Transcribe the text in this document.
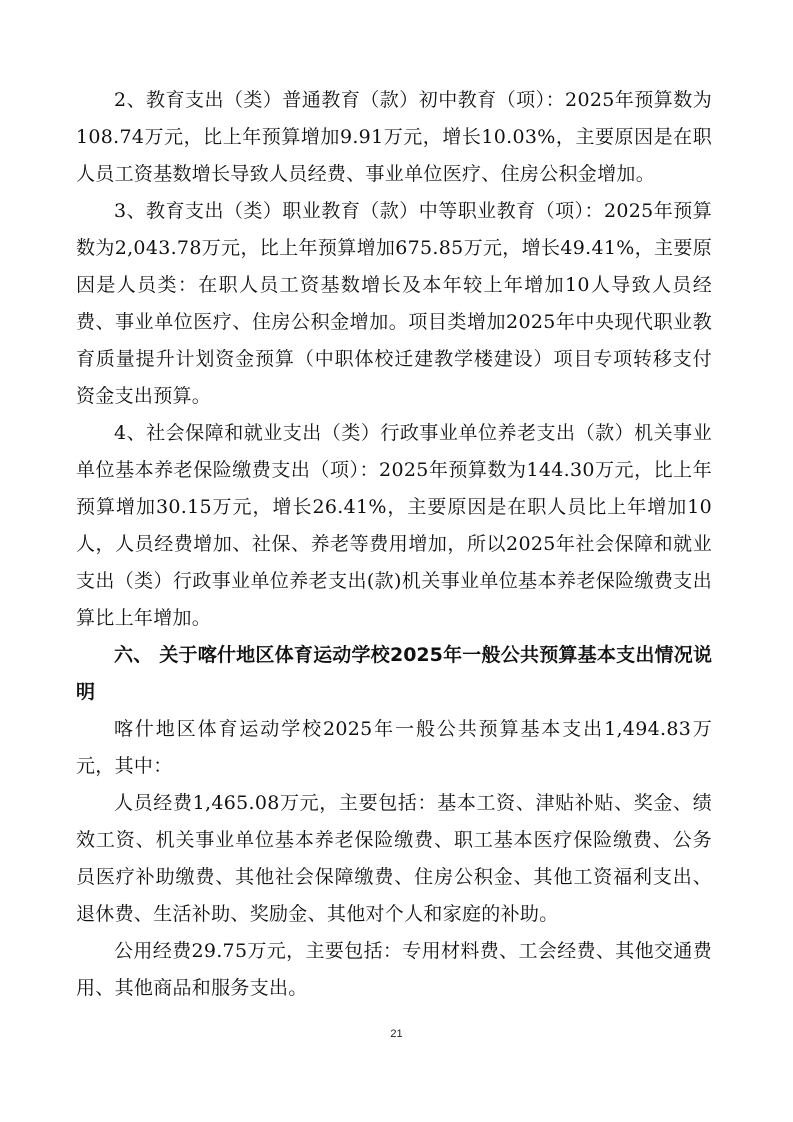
2、教育支出（类）普通教育（款）初中教育（项）：2025年预算数为108.74万元，比上年预算增加9.91万元，增长10.03%，主要原因是在职人员工资基数增长导致人员经费、事业单位医疗、住房公积金增加。

3、教育支出（类）职业教育（款）中等职业教育（项）：2025年预算数为2,043.78万元，比上年预算增加675.85万元，增长49.41%，主要原因是人员类：在职人员工资基数增长及本年较上年增加10人导致人员经费、事业单位医疗、住房公积金增加。项目类增加2025年中央现代职业教育质量提升计划资金预算（中职体校迁建教学楼建设）项目专项转移支付资金支出预算。

4、社会保障和就业支出（类）行政事业单位养老支出（款）机关事业单位基本养老保险缴费支出（项）：2025年预算数为144.30万元，比上年预算增加30.15万元，增长26.41%，主要原因是在职人员比上年增加10人，人员经费增加、社保、养老等费用增加，所以2025年社会保障和就业支出（类）行政事业单位养老支出(款)机关事业单位基本养老保险缴费支出算比上年增加。

六、 关于喀什地区体育运动学校2025年一般公共预算基本支出情况说明

喀什地区体育运动学校2025年一般公共预算基本支出1,494.83万元，其中：

人员经费1,465.08万元，主要包括：基本工资、津贴补贴、奖金、绩效工资、机关事业单位基本养老保险缴费、职工基本医疗保险缴费、公务员医疗补助缴费、其他社会保障缴费、住房公积金、其他工资福利支出、退休费、生活补助、奖励金、其他对个人和家庭的补助。

公用经费29.75万元，主要包括：专用材料费、工会经费、其他交通费用、其他商品和服务支出。

21
